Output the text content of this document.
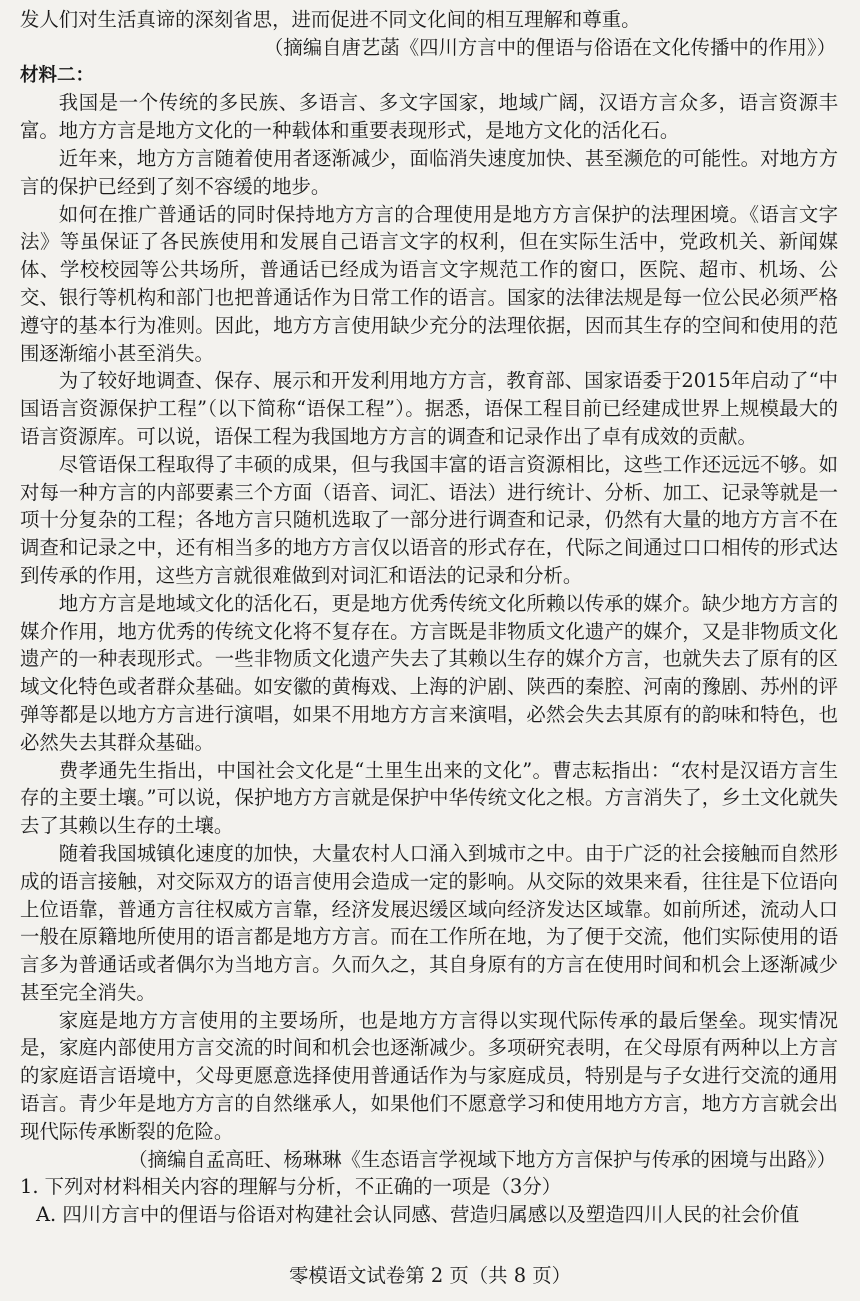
发人们对生活真谛的深刻省思，进而促进不同文化间的相互理解和尊重。
（摘编自唐艺菡《四川方言中的俚语与俗语在文化传播中的作用》）
材料二：

我国是一个传统的多民族、多语言、多文字国家，地域广阔，汉语方言众多，语言资源丰富。地方方言是地方文化的一种载体和重要表现形式，是地方文化的活化石。

近年来，地方方言随着使用者逐渐减少，面临消失速度加快、甚至濒危的可能性。对地方方言的保护已经到了刻不容缓的地步。

如何在推广普通话的同时保持地方方言的合理使用是地方方言保护的法理困境。《语言文字法》等虽保证了各民族使用和发展自己语言文字的权利，但在实际生活中，党政机关、新闻媒体、学校校园等公共场所，普通话已经成为语言文字规范工作的窗口，医院、超市、机场、公交、银行等机构和部门也把普通话作为日常工作的语言。国家的法律法规是每一位公民必须严格遵守的基本行为准则。因此，地方方言使用缺少充分的法理依据，因而其生存的空间和使用的范围逐渐缩小甚至消失。

为了较好地调查、保存、展示和开发利用地方方言，教育部、国家语委于2015年启动了“中国语言资源保护工程”（以下简称“语保工程”）。据悉，语保工程目前已经建成世界上规模最大的语言资源库。可以说，语保工程为我国地方方言的调查和记录作出了卓有成效的贡献。

尽管语保工程取得了丰硕的成果，但与我国丰富的语言资源相比，这些工作还远远不够。如对每一种方言的内部要素三个方面（语音、词汇、语法）进行统计、分析、加工、记录等就是一项十分复杂的工程；各地方言只随机选取了一部分进行调查和记录，仍然有大量的地方方言不在调查和记录之中，还有相当多的地方方言仅以语音的形式存在，代际之间通过口口相传的形式达到传承的作用，这些方言就很难做到对词汇和语法的记录和分析。

地方方言是地域文化的活化石，更是地方优秀传统文化所赖以传承的媒介。缺少地方方言的媒介作用，地方优秀的传统文化将不复存在。方言既是非物质文化遗产的媒介，又是非物质文化遗产的一种表现形式。一些非物质文化遗产失去了其赖以生存的媒介方言，也就失去了原有的区域文化特色或者群众基础。如安徽的黄梅戏、上海的沪剧、陕西的秦腔、河南的豫剧、苏州的评弹等都是以地方方言进行演唱，如果不用地方方言来演唱，必然会失去其原有的韵味和特色，也必然失去其群众基础。

费孝通先生指出，中国社会文化是“土里生出来的文化”。曹志耘指出：“农村是汉语方言生存的主要土壤。”可以说，保护地方方言就是保护中华传统文化之根。方言消失了，乡土文化就失去了其赖以生存的土壤。

随着我国城镇化速度的加快，大量农村人口涌入到城市之中。由于广泛的社会接触而自然形成的语言接触，对交际双方的语言使用会造成一定的影响。从交际的效果来看，往往是下位语向上位语靠，普通方言往权威方言靠，经济发展迟缓区域向经济发达区域靠。如前所述，流动人口一般在原籍地所使用的语言都是地方方言。而在工作所在地，为了便于交流，他们实际使用的语言多为普通话或者偶尔为当地方言。久而久之，其自身原有的方言在使用时间和机会上逐渐减少甚至完全消失。

家庭是地方方言使用的主要场所，也是地方方言得以实现代际传承的最后堡垒。现实情况是，家庭内部使用方言交流的时间和机会也逐渐减少。多项研究表明，在父母原有两种以上方言的家庭语言语境中，父母更愿意选择使用普通话作为与家庭成员，特别是与子女进行交流的通用语言。青少年是地方方言的自然继承人，如果他们不愿意学习和使用地方方言，地方方言就会出现代际传承断裂的危险。

（摘编自孟高旺、杨琳琳《生态语言学视域下地方方言保护与传承的困境与出路》）
1. 下列对材料相关内容的理解与分析，不正确的一项是（3分）
A. 四川方言中的俚语与俗语对构建社会认同感、营造归属感以及塑造四川人民的社会价值
零模语文试卷第 2 页（共 8 页）
